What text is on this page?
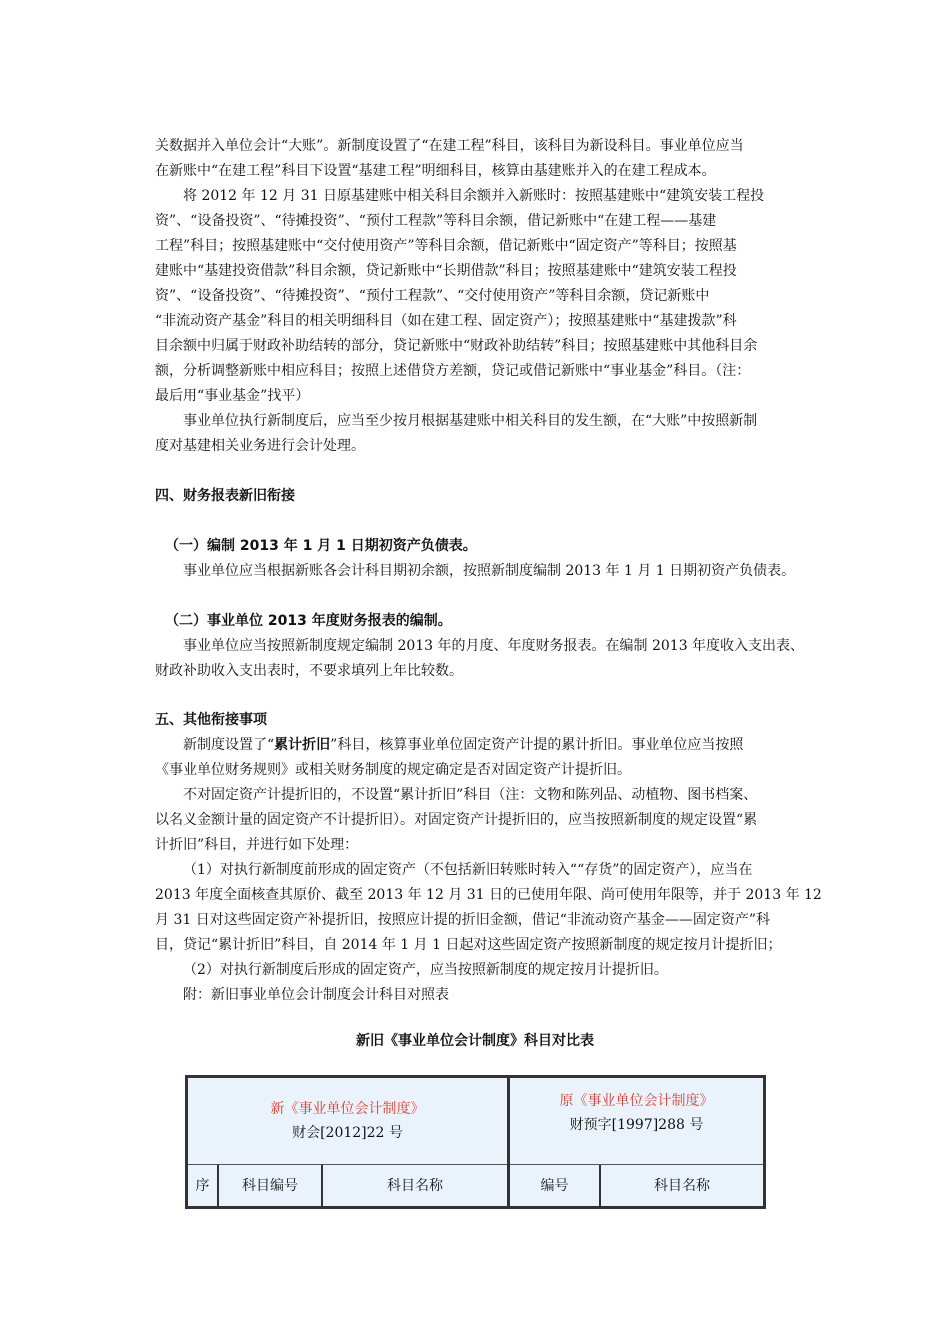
关数据并入单位会计“大账”。新制度设置了“在建工程”科目，该科目为新设科目。事业单位应当
在新账中“在建工程”科目下设置“基建工程”明细科目，核算由基建账并入的在建工程成本。
将 2012 年 12 月 31 日原基建账中相关科目余额并入新账时：按照基建账中“建筑安装工程投
资”、“设备投资”、“待摊投资”、“预付工程款”等科目余额，借记新账中“在建工程——基建
工程”科目；按照基建账中“交付使用资产”等科目余额，借记新账中“固定资产”等科目；按照基
建账中“基建投资借款”科目余额，贷记新账中“长期借款”科目；按照基建账中“建筑安装工程投
资”、“设备投资”、“待摊投资”、“预付工程款”、“交付使用资产”等科目余额，贷记新账中
“非流动资产基金”科目的相关明细科目（如在建工程、固定资产）；按照基建账中“基建拨款”科
目余额中归属于财政补助结转的部分，贷记新账中“财政补助结转”科目；按照基建账中其他科目余
额，分析调整新账中相应科目；按照上述借贷方差额，贷记或借记新账中“事业基金”科目。（注：
最后用“事业基金”找平）
事业单位执行新制度后，应当至少按月根据基建账中相关科目的发生额，在“大账”中按照新制
度对基建相关业务进行会计处理。
四、财务报表新旧衔接
（一）编制 2013 年 1 月 1 日期初资产负债表。
事业单位应当根据新账各会计科目期初余额，按照新制度编制 2013 年 1 月 1 日期初资产负债表。
（二）事业单位 2013 年度财务报表的编制。
事业单位应当按照新制度规定编制 2013 年的月度、年度财务报表。在编制 2013 年度收入支出表、
财政补助收入支出表时，不要求填列上年比较数。
五、其他衔接事项
新制度设置了“累计折旧”科目，核算事业单位固定资产计提的累计折旧。事业单位应当按照
《事业单位财务规则》或相关财务制度的规定确定是否对固定资产计提折旧。
不对固定资产计提折旧的，不设置“累计折旧”科目（注：文物和陈列品、动植物、图书档案、
以名义金额计量的固定资产不计提折旧）。对固定资产计提折旧的，应当按照新制度的规定设置“累
计折旧”科目，并进行如下处理：
（1）对执行新制度前形成的固定资产（不包括新旧转账时转入““存货”的固定资产），应当在
2013 年度全面核查其原价、截至 2013 年 12 月 31 日的已使用年限、尚可使用年限等，并于 2013 年 12
月 31 日对这些固定资产补提折旧，按照应计提的折旧金额，借记“非流动资产基金——固定资产”科
目，贷记“累计折旧”科目，自 2014 年 1 月 1 日起对这些固定资产按照新制度的规定按月计提折旧；
（2）对执行新制度后形成的固定资产，应当按照新制度的规定按月计提折旧。
附：新旧事业单位会计制度会计科目对照表
新旧《事业单位会计制度》科目对比表
新《事业单位会计制度》
财会[2012]22 号
原《事业单位会计制度》
财预字[1997]288 号
序	科目编号	科目名称	编号	科目名称
